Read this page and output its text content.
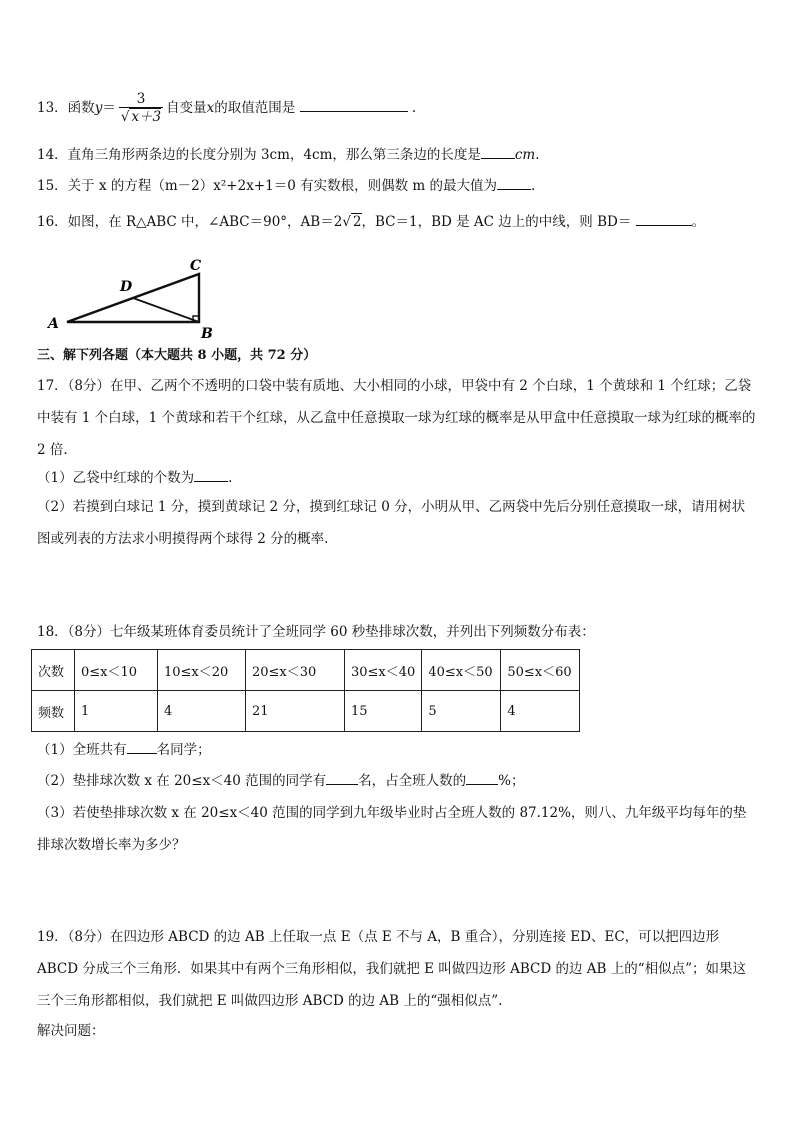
13．函数$y= \frac{3}{√ x+3}$ 自变量x的取值范围是	.
14．直角三角形两条边的长度分别为 3cm，4cm，那么第三条边的长度是	cm.
15．关于 x 的方程（m－2）x²+2x+1＝0 有实数根，则偶数 m 的最大值为	.
16．如图，在 R△ABC 中，∠ABC＝90°，AB＝2√ 2，BC＝1，BD 是 AC 边上的中线，则 BD＝	。
A
B
C
D
三、解下列各题（本大题共 8 小题，共 72 分）
17．（8分）在甲、乙两个不透明的口袋中装有质地、大小相同的小球，甲袋中有 2 个白球，1 个黄球和 1 个红球；乙袋中装有 1 个白球，1 个黄球和若干个红球，从乙盒中任意摸取一球为红球的概率是从甲盒中任意摸取一球为红球的概率的 2 倍.
（1）乙袋中红球的个数为	.
（2）若摸到白球记 1 分，摸到黄球记 2 分，摸到红球记 0 分，小明从甲、乙两袋中先后分别任意摸取一球，请用树状图或列表的方法求小明摸得两个球得 2 分的概率.
18．（8分）七年级某班体育委员统计了全班同学 60 秒垫排球次数，并列出下列频数分布表：
次数	0≤x＜10	10≤x＜20	20≤x＜30	30≤x＜40	40≤x＜50	50≤x＜60
频数	1	4	21	15	5	4
（1）全班共有 名同学；
（2）垫排球次数 x 在 20≤x＜40 范围的同学有 名，占全班人数的 %；
（3）若使垫排球次数 x 在 20≤x＜40 范围的同学到九年级毕业时占全班人数的 87.12%，则八、九年级平均每年的垫排球次数增长率为多少？
19．（8分）在四边形 ABCD 的边 AB 上任取一点 E（点 E 不与 A，B 重合），分别连接 ED、EC，可以把四边形 ABCD 分成三个三角形．如果其中有两个三角形相似，我们就把 E 叫做四边形 ABCD 的边 AB 上的“相似点”；如果这三个三角形都相似，我们就把 E 叫做四边形 ABCD 的边 AB 上的“强相似点”.
解决问题：
